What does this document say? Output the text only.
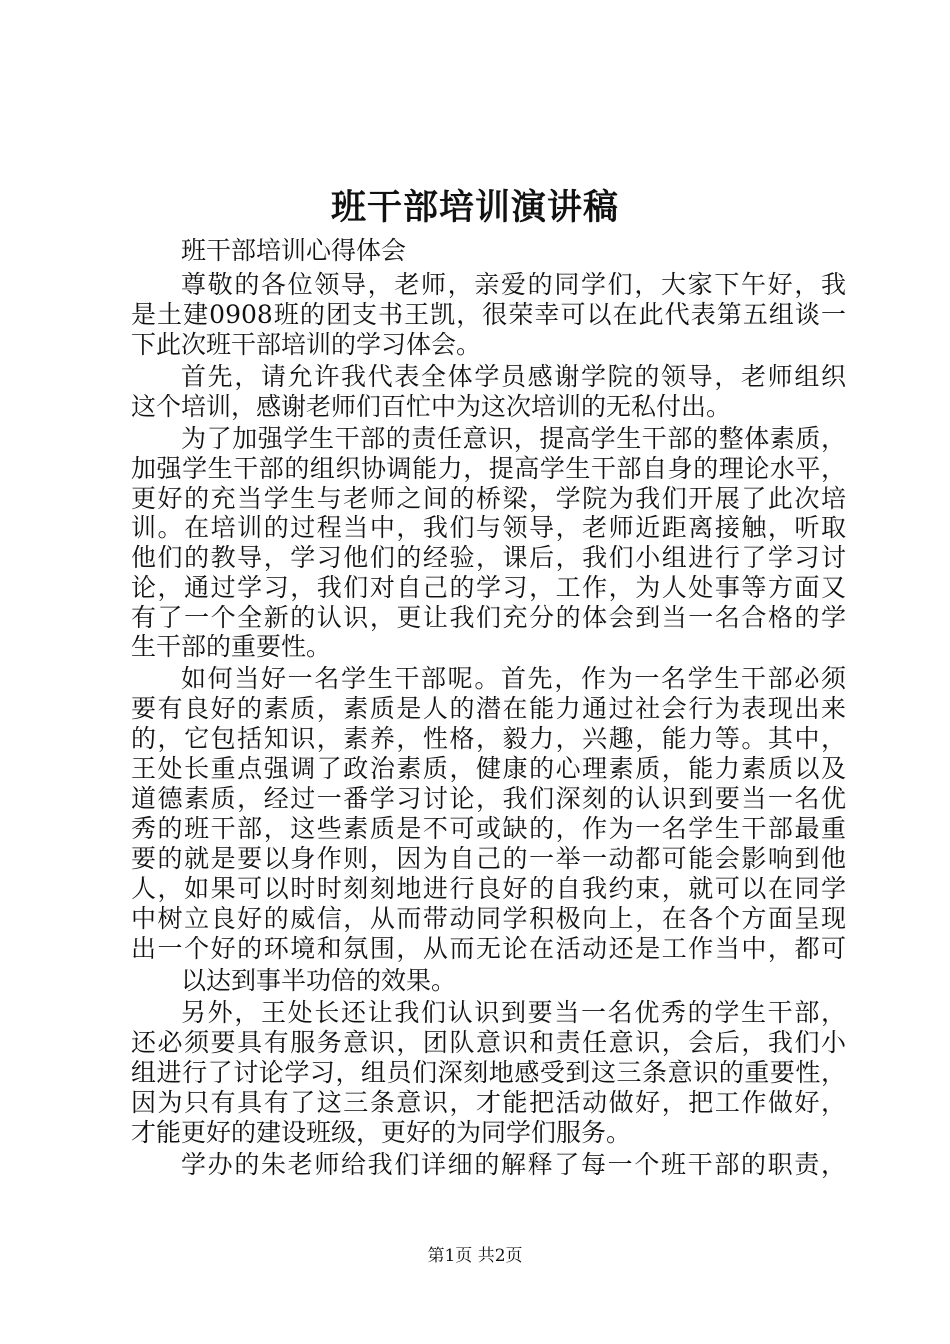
班干部培训演讲稿
班干部培训心得体会
尊敬的各位领导，老师，亲爱的同学们，大家下午好，我
是土建0908班的团支书王凯，很荣幸可以在此代表第五组谈一
下此次班干部培训的学习体会。
首先，请允许我代表全体学员感谢学院的领导，老师组织
这个培训，感谢老师们百忙中为这次培训的无私付出。
为了加强学生干部的责任意识，提高学生干部的整体素质，
加强学生干部的组织协调能力，提高学生干部自身的理论水平，
更好的充当学生与老师之间的桥梁，学院为我们开展了此次培
训。在培训的过程当中，我们与领导，老师近距离接触，听取
他们的教导，学习他们的经验，课后，我们小组进行了学习讨
论，通过学习，我们对自己的学习，工作，为人处事等方面又
有了一个全新的认识，更让我们充分的体会到当一名合格的学
生干部的重要性。
如何当好一名学生干部呢。首先，作为一名学生干部必须
要有良好的素质，素质是人的潜在能力通过社会行为表现出来
的，它包括知识，素养，性格，毅力，兴趣，能力等。其中，
王处长重点强调了政治素质，健康的心理素质，能力素质以及
道德素质，经过一番学习讨论，我们深刻的认识到要当一名优
秀的班干部，这些素质是不可或缺的，作为一名学生干部最重
要的就是要以身作则，因为自己的一举一动都可能会影响到他
人，如果可以时时刻刻地进行良好的自我约束，就可以在同学
中树立良好的威信，从而带动同学积极向上，在各个方面呈现
出一个好的环境和氛围，从而无论在活动还是工作当中，都可
以达到事半功倍的效果。
另外，王处长还让我们认识到要当一名优秀的学生干部，
还必须要具有服务意识，团队意识和责任意识，会后，我们小
组进行了讨论学习，组员们深刻地感受到这三条意识的重要性，
因为只有具有了这三条意识，才能把活动做好，把工作做好，
才能更好的建设班级，更好的为同学们服务。
学办的朱老师给我们详细的解释了每一个班干部的职责，
第1页 共2页
